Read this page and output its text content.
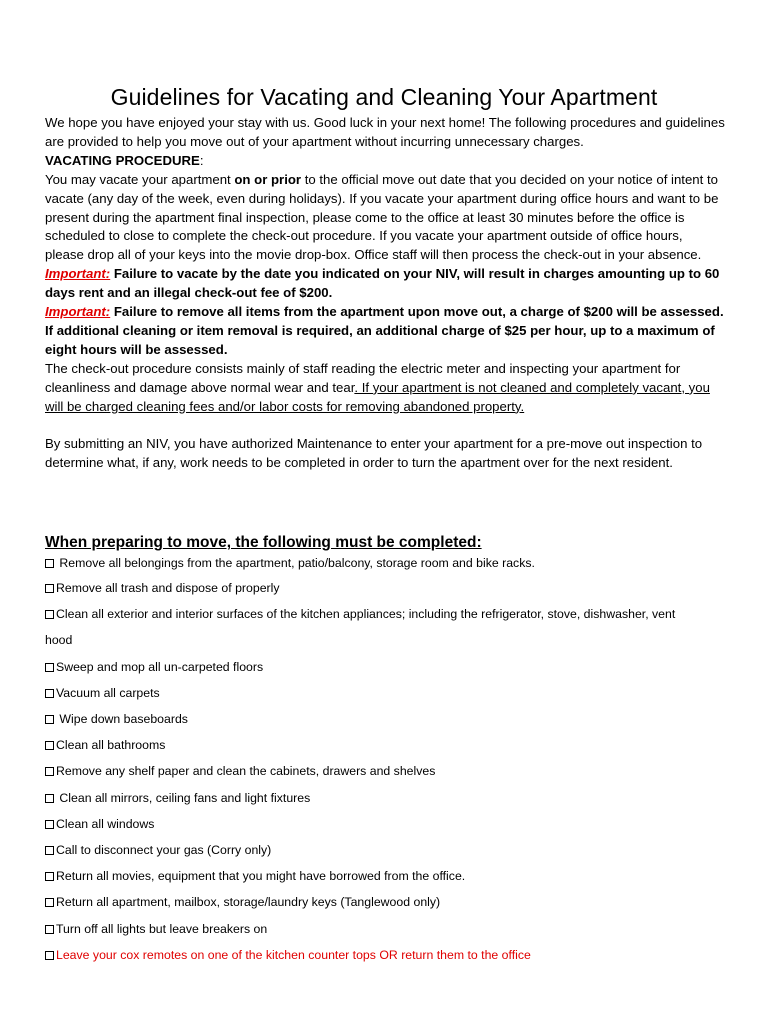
Guidelines for Vacating and Cleaning Your Apartment

We hope you have enjoyed your stay with us. Good luck in your next home! The following procedures and guidelines are provided to help you move out of your apartment without incurring unnecessary charges.

VACATING PROCEDURE:

You may vacate your apartment on or prior to the official move out date that you decided on your notice of intent to vacate (any day of the week, even during holidays). If you vacate your apartment during office hours and want to be present during the apartment final inspection, please come to the office at least 30 minutes before the office is scheduled to close to complete the check-out procedure. If you vacate your apartment outside of office hours, please drop all of your keys into the movie drop-box. Office staff will then process the check-out in your absence.

Important: Failure to vacate by the date you indicated on your NIV, will result in charges amounting up to 60 days rent and an illegal check-out fee of $200.

Important: Failure to remove all items from the apartment upon move out, a charge of $200 will be assessed. If additional cleaning or item removal is required, an additional charge of $25 per hour, up to a maximum of eight hours will be assessed.

The check-out procedure consists mainly of staff reading the electric meter and inspecting your apartment for cleanliness and damage above normal wear and tear. If your apartment is not cleaned and completely vacant, you will be charged cleaning fees and/or labor costs for removing abandoned property.

By submitting an NIV, you have authorized Maintenance to enter your apartment for a pre-move out inspection to determine what, if any, work needs to be completed in order to turn the apartment over for the next resident.

When preparing to move, the following must be completed:
Remove all belongings from the apartment, patio/balcony, storage room and bike racks.
Remove all trash and dispose of properly
Clean all exterior and interior surfaces of the kitchen appliances; including the refrigerator, stove, dishwasher, vent
hood
Sweep and mop all un-carpeted floors
Vacuum all carpets
Wipe down baseboards
Clean all bathrooms
Remove any shelf paper and clean the cabinets, drawers and shelves
Clean all mirrors, ceiling fans and light fixtures
Clean all windows
Call to disconnect your gas (Corry only)
Return all movies, equipment that you might have borrowed from the office.
Return all apartment, mailbox, storage/laundry keys (Tanglewood only)
Turn off all lights but leave breakers on
Leave your cox remotes on one of the kitchen counter tops OR return them to the office
